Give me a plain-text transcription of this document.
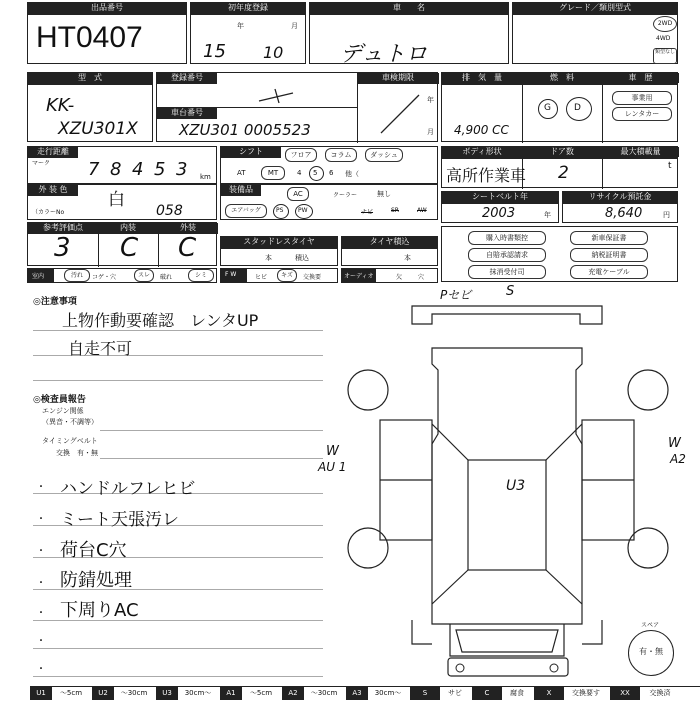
出品番号
HT0407
初年度登録
年	月
15 10
車　　名
デュトロ
グレード／類別型式
2WD
4WD
類型なし
型　式
KK-
XZU301X
登録番号	車検期限
車台番号
XZU301 0005523
年
月
排　気　量	燃　料	車　歴
4,900 CC
G	D
事業用
レンタカー
走行距離
マーク 7 8 4 5 3 km
シフト	フロア	コラム	ダッシュ
AT	MT	4 5 6 他（
ボディ形状	ドア数	最大積載量
高所作業車 2	t
外 装 色
白
（カラーNo	058
装備品	AC	クーラー	無し
エアバッグ	PS PW	ナビ	SR	AW
シートベルト年
2003	年
リサイクル預託金
8,640	円
参考評価点	内装	外装
3 C C	スタッドレスタイヤ
本	積込
タイヤ積込
本
購入時書類控	新車保証書
自賠承認請求	納税証明書
抹消受付司	充電ケーブル
室内	汚れ	コゲ・穴	スレ	破れ	シミ	F W	ヒビ	キズ	交換要	オーディオ	欠	穴
◎注意事項
上物作動要確認　レンタUP
自走不可
◎検査員報告
エンジン関係
（異音・不調等）
タイミングベルト
交換　有・無
・
・
・
・
・
・
・
ハンドルフレヒビ
ミート天張汚レ
荷台C穴
防錆処理
下周りAC
Pセビ	S
W
AU 1
W
A2
U3
スペア
有・無
U1	～5cm	U2	～30cm	U3	30cm～	A1	～5cm	A2	～30cm	A3	30cm～	S	サビ	C	腐食	X	交換要す	XX	交換済
